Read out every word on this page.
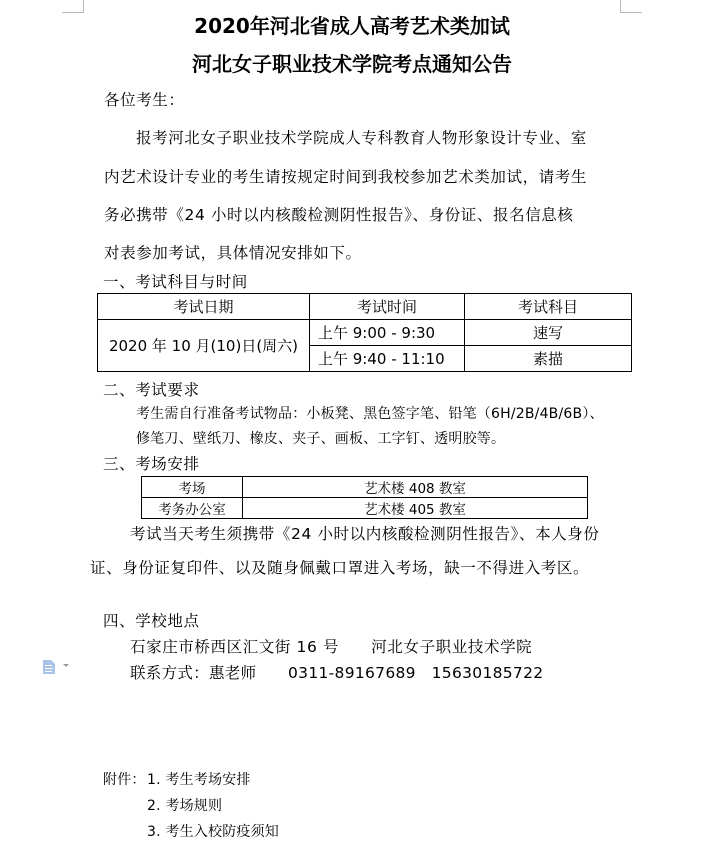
2020年河北省成人高考艺术类加试
河北女子职业技术学院考点通知公告
各位考生：
报考河北女子职业技术学院成人专科教育人物形象设计专业、室
内艺术设计专业的考生请按规定时间到我校参加艺术类加试，请考生
务必携带《24 小时以内核酸检测阴性报告》、身份证、报名信息核
对表参加考试，具体情况安排如下。
一、考试科目与时间
考试日期	考试时间	考试科目
2020 年 10 月(10)日(周六)	上午 9:00 - 9:30	速写
	上午 9:40 - 11:10	素描
二、考试要求
考生需自行准备考试物品：小板凳、黑色签字笔、铅笔（6H/2B/4B/6B）、
修笔刀、壁纸刀、橡皮、夹子、画板、工字钉、透明胶等。
三、考场安排
考场	艺术楼 408 教室
考务办公室	艺术楼 405 教室
考试当天考生须携带《24 小时以内核酸检测阴性报告》、本人身份
证、身份证复印件、以及随身佩戴口罩进入考场，缺一不得进入考区。
四、学校地点
石家庄市桥西区汇文街 16 号　　河北女子职业技术学院
联系方式：惠老师　　0311-89167689　15630185722
附件： 1. 考生考场安排
2. 考场规则
3. 考生入校防疫须知
